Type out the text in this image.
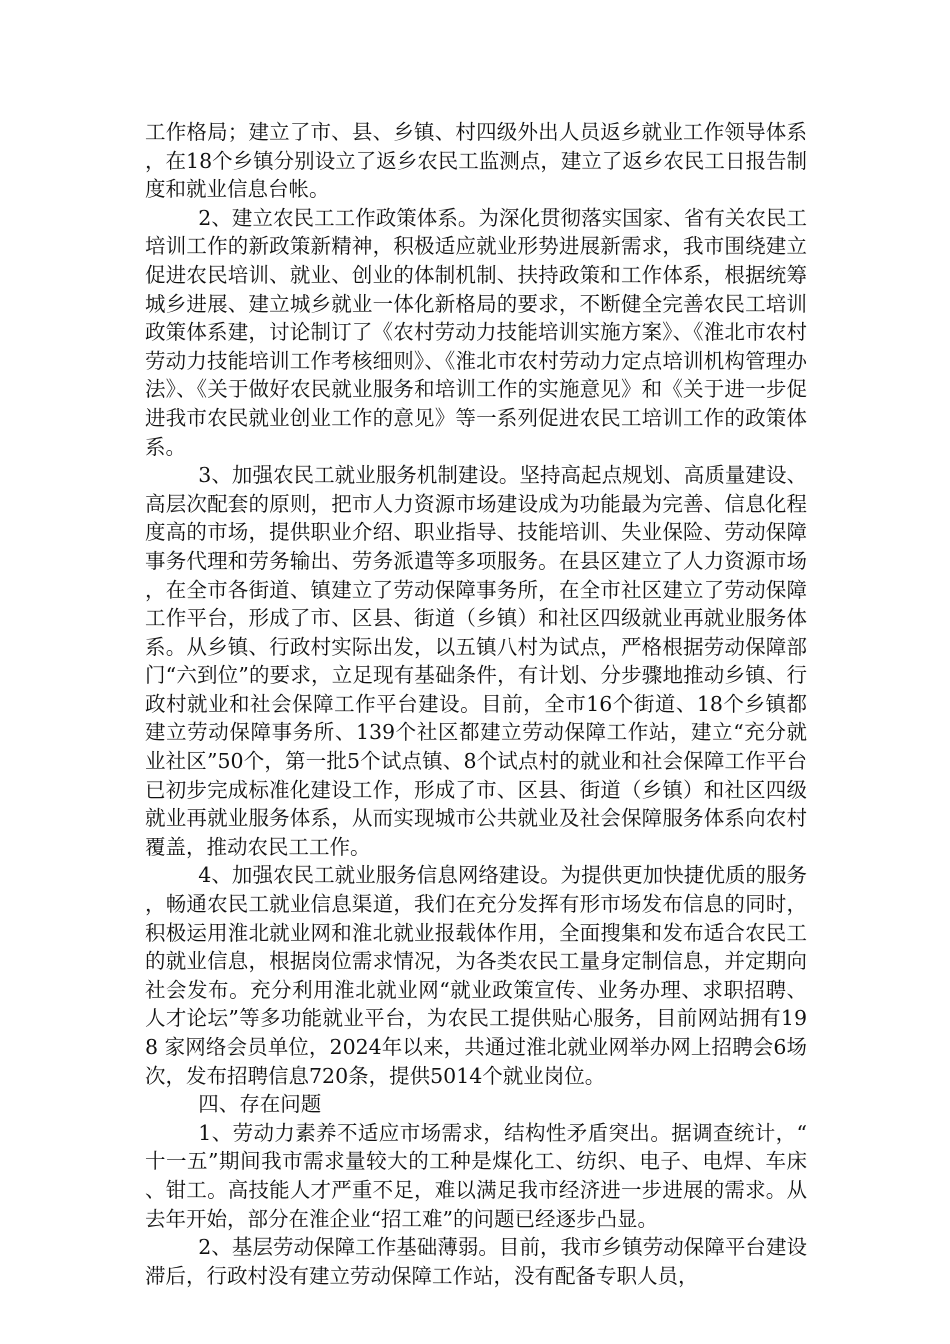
工作格局；建立了市、县、乡镇、村四级外出人员返乡就业工作领导体系，在18个乡镇分别设立了返乡农民工监测点，建立了返乡农民工日报告制度和就业信息台帐。

2、建立农民工工作政策体系。为深化贯彻落实国家、省有关农民工培训工作的新政策新精神，积极适应就业形势进展新需求，我市围绕建立促进农民培训、就业、创业的体制机制、扶持政策和工作体系，根据统筹城乡进展、建立城乡就业一体化新格局的要求，不断健全完善农民工培训政策体系建，讨论制订了《农村劳动力技能培训实施方案》、《淮北市农村劳动力技能培训工作考核细则》、《淮北市农村劳动力定点培训机构管理办法》、《关于做好农民就业服务和培训工作的实施意见》和《关于进一步促进我市农民就业创业工作的意见》等一系列促进农民工培训工作的政策体系。

3、加强农民工就业服务机制建设。坚持高起点规划、高质量建设、高层次配套的原则，把市人力资源市场建设成为功能最为完善、信息化程度高的市场，提供职业介绍、职业指导、技能培训、失业保险、劳动保障事务代理和劳务输出、劳务派遣等多项服务。在县区建立了人力资源市场，在全市各街道、镇建立了劳动保障事务所，在全市社区建立了劳动保障工作平台，形成了市、区县、街道（乡镇）和社区四级就业再就业服务体系。从乡镇、行政村实际出发，以五镇八村为试点，严格根据劳动保障部门“六到位”的要求，立足现有基础条件，有计划、分步骤地推动乡镇、行政村就业和社会保障工作平台建设。目前，全市16个街道、18个乡镇都建立劳动保障事务所、139个社区都建立劳动保障工作站，建立“充分就业社区”50个，第一批5个试点镇、8个试点村的就业和社会保障工作平台已初步完成标准化建设工作，形成了市、区县、街道（乡镇）和社区四级就业再就业服务体系，从而实现城市公共就业及社会保障服务体系向农村覆盖，推动农民工工作。

4、加强农民工就业服务信息网络建设。为提供更加快捷优质的服务，畅通农民工就业信息渠道，我们在充分发挥有形市场发布信息的同时，积极运用淮北就业网和淮北就业报载体作用，全面搜集和发布适合农民工的就业信息，根据岗位需求情况，为各类农民工量身定制信息，并定期向社会发布。充分利用淮北就业网“就业政策宣传、业务办理、求职招聘、人才论坛”等多功能就业平台，为农民工提供贴心服务，目前网站拥有198 家网络会员单位，2024年以来，共通过淮北就业网举办网上招聘会6场次，发布招聘信息720条，提供5014个就业岗位。

四、存在问题

1、劳动力素养不适应市场需求，结构性矛盾突出。据调查统计，“十一五”期间我市需求量较大的工种是煤化工、纺织、电子、电焊、车床、钳工。高技能人才严重不足，难以满足我市经济进一步进展的需求。从去年开始，部分在淮企业“招工难”的问题已经逐步凸显。

2、基层劳动保障工作基础薄弱。目前，我市乡镇劳动保障平台建设滞后，行政村没有建立劳动保障工作站，没有配备专职人员，
